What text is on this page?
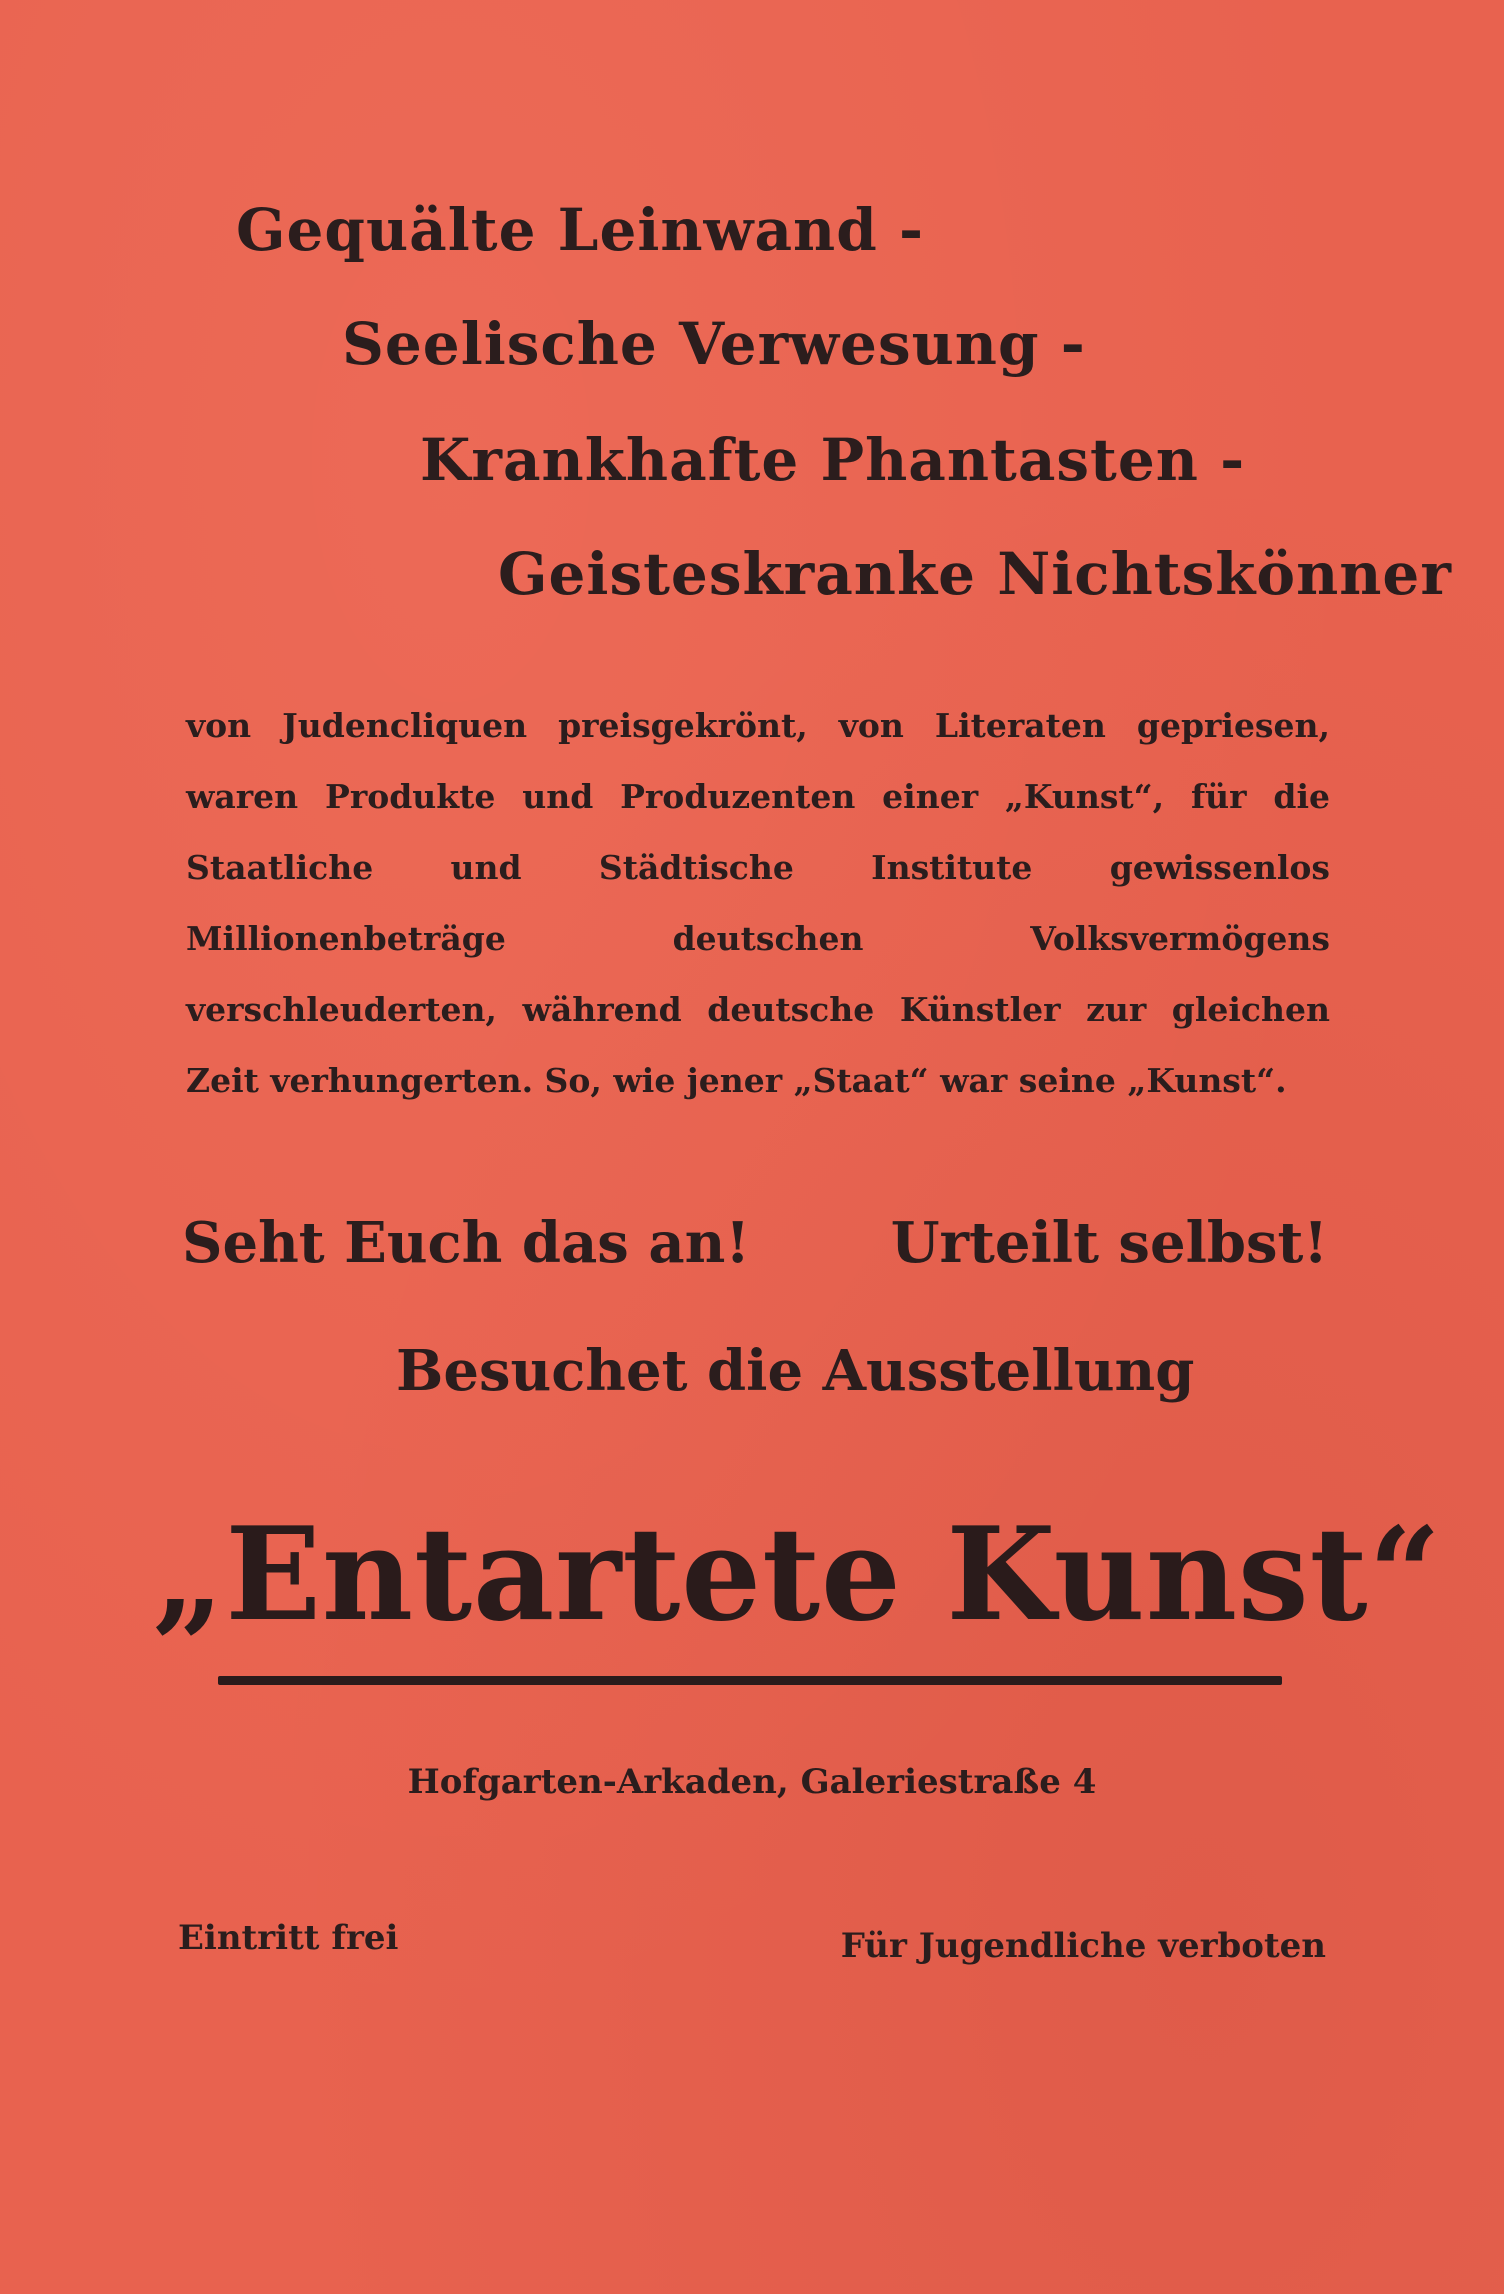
Gequälte Leinwand -
Seelische Verwesung -
Krankhafte Phantasten -
Geisteskranke Nichtskönner
von Judencliquen preisgekrönt, von Literaten gepriesen, waren Produkte und Produzenten einer „Kunst“, für die Staatliche und Städtische Institute gewissenlos Millionenbeträge deutschen Volksvermögens verschleuderten, während deutsche Künstler zur gleichen Zeit verhungerten. So, wie jener „Staat“ war seine „Kunst“.
Seht Euch das an!	Urteilt selbst!
Besuchet die Ausstellung
„Entartete Kunst“
Hofgarten-Arkaden, Galeriestraße 4
Eintritt frei	Für Jugendliche verboten
